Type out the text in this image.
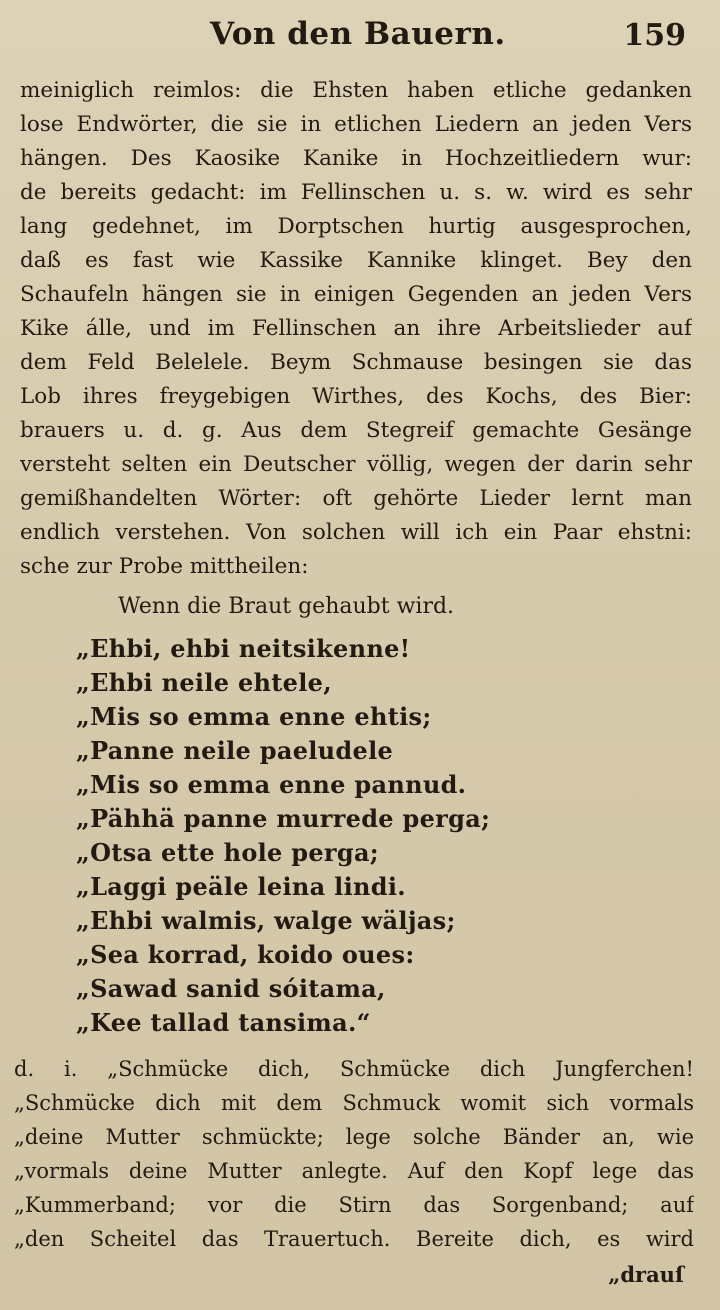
Von den Bauern.	159
meiniglich reimlos: die Ehsten haben etliche gedanken
lose Endwörter, die sie in etlichen Liedern an jeden Vers
hängen. Des Kaosike Kanike in Hochzeitliedern wur:
de bereits gedacht: im Fellinschen u. s. w. wird es sehr
lang gedehnet, im Dorptschen hurtig ausgesprochen,
daß es fast wie Kassike Kannike klinget. Bey den
Schaufeln hängen sie in einigen Gegenden an jeden Vers
Kike álle, und im Fellinschen an ihre Arbeitslieder auf
dem Feld Belelele. Beym Schmause besingen sie das
Lob ihres freygebigen Wirthes, des Kochs, des Bier:
brauers u. d. g. Aus dem Stegreif gemachte Gesänge
versteht selten ein Deutscher völlig, wegen der darin sehr
gemißhandelten Wörter: oft gehörte Lieder lernt man
endlich verstehen. Von solchen will ich ein Paar ehstni:
sche zur Probe mittheilen:
Wenn die Braut gehaubt wird.
„Ehbi, ehbi neitsikenne!
„Ehbi neile ehtele,
„Mis so emma enne ehtis;
„Panne neile paeludele
„Mis so emma enne pannud.
„Pähhä panne murrede perga;
„Otsa ette hole perga;
„Laggi peäle leina lindi.
„Ehbi walmis, walge wäljas;
„Sea korrad, koido oues:
„Sawad sanid sóitama,
„Kee tallad tansima.“
d. i. „Schmücke dich, Schmücke dich Jungferchen!
„Schmücke dich mit dem Schmuck womit sich vormals
„deine Mutter schmückte; lege solche Bänder an, wie
„vormals deine Mutter anlegte. Auf den Kopf lege das
„Kummerband; vor die Stirn das Sorgenband; auf
„den Scheitel das Trauertuch. Bereite dich, es wird
„drauſ
